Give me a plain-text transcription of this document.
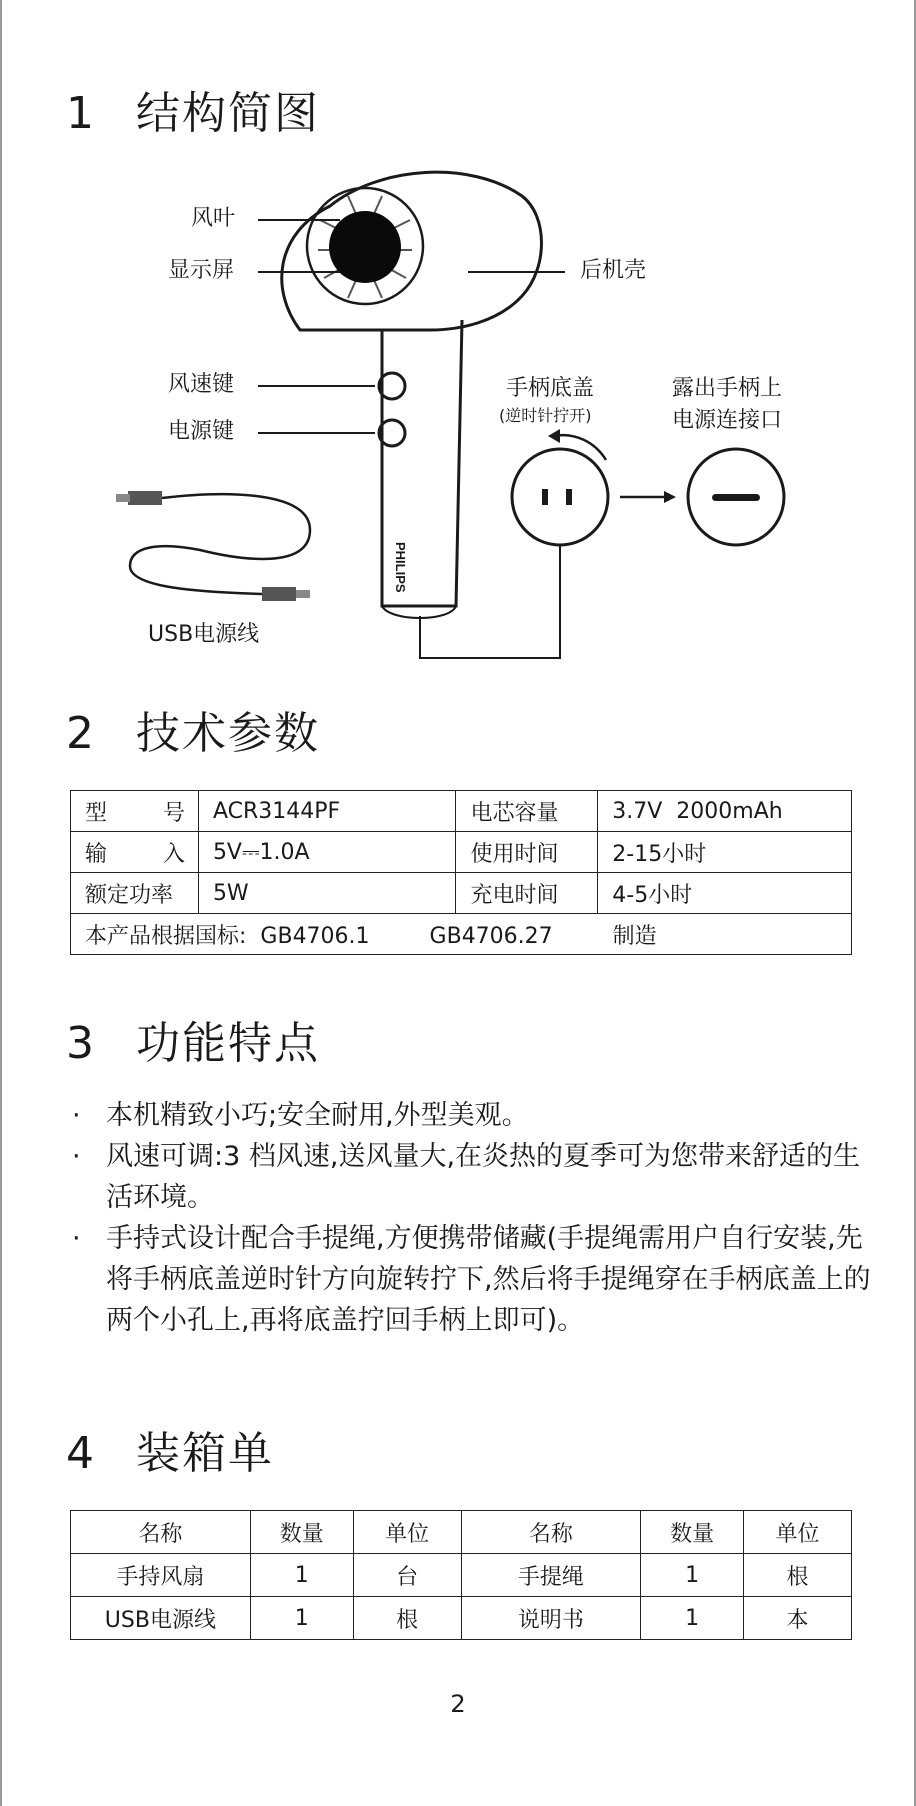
1 结构简图
PHILIPS
风叶
显示屏	后机壳
风速键
电源键
手柄底盖
(逆时针拧开)
露出手柄上
电源连接口
USB电源线
2 技术参数
型 号	ACR3144PF	电芯容量	3.7V  2000mAh

输 入	5V⎓1.0A	使用时间	2-15小时
额定功率	5W	充电时间	4-5小时
本产品根据国标: GB4706.1 GB4706.27 制造			
3 功能特点
· 本机精致小巧;安全耐用,外型美观。
· 风速可调:3 档风速,送风量大,在炎热的夏季可为您带来舒适的生活环境。
· 手持式设计配合手提绳,方便携带储藏(手提绳需用户自行安装,先将手柄底盖逆时针方向旋转拧下,然后将手提绳穿在手柄底盖上的两个小孔上,再将底盖拧回手柄上即可)。
4 装箱单
名称	数量	单位	名称	数量	单位
手持风扇	1	台	手提绳	1	根
USB电源线	1	根	说明书	1	本
2
